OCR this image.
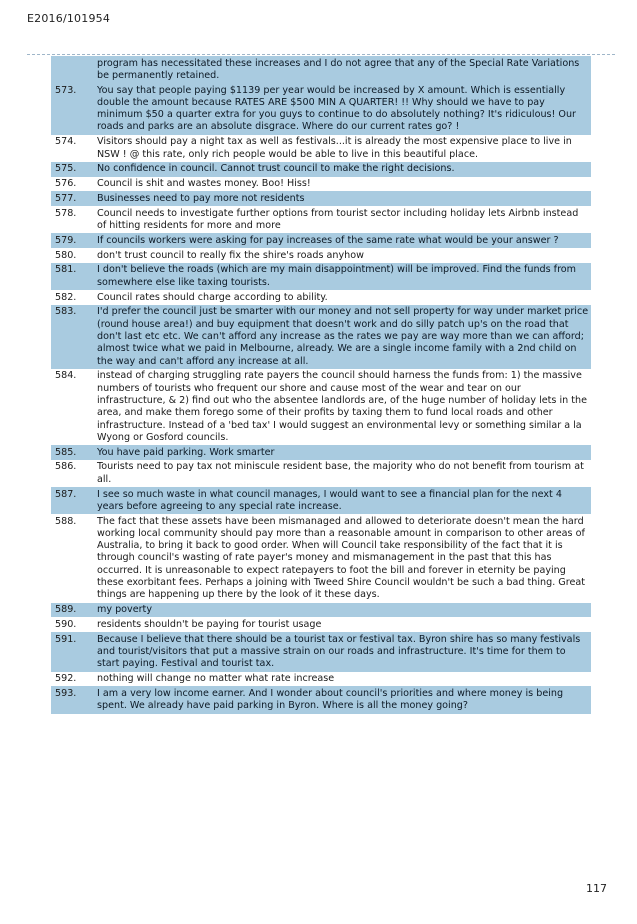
E2016/101954
program has necessitated these increases and I do not agree that any of the Special Rate Variations be permanently retained.
573.	You say that people paying $1139 per year would be increased by X amount. Which is essentially double the amount because RATES ARE $500 MIN A QUARTER! !! Why should we have to pay minimum $50 a quarter extra for you guys to continue to do absolutely nothing? It's ridiculous! Our roads and parks are an absolute disgrace. Where do our current rates go? !
574.	Visitors should pay a night tax as well as festivals...it is already the most expensive place to live in NSW ! @ this rate, only rich people would be able to live in this beautiful place.
575.	No confidence in council. Cannot trust council to make the right decisions.
576.	Council is shit and wastes money. Boo! Hiss!
577.	Businesses need to pay more not residents
578.	Council needs to investigate further options from tourist sector including holiday lets Airbnb instead of hitting residents for more and more
579.	If councils workers were asking for pay increases of the same rate what would be your answer ?
580.	don't trust council to really fix the shire's roads anyhow
581.	I don't believe the roads (which are my main disappointment) will be improved. Find the funds from somewhere else like taxing tourists.
582.	Council rates should charge according to ability.
583.	I'd prefer the council just be smarter with our money and not sell property for way under market price (round house area!) and buy equipment that doesn't work and do silly patch up's on the road that don't last etc etc. We can't afford any increase as the rates we pay are way more than we can afford; almost twice what we paid in Melbourne, already. We are a single income family with a 2nd child on the way and can't afford any increase at all.
584.	instead of charging struggling rate payers the council should harness the funds from: 1) the massive numbers of tourists who frequent our shore and cause most of the wear and tear on our infrastructure, & 2) find out who the absentee landlords are, of the huge number of holiday lets in the area, and make them forego some of their profits by taxing them to fund local roads and other infrastructure. Instead of a 'bed tax' I would suggest an environmental levy or something similar a la Wyong or Gosford councils.
585.	You have paid parking. Work smarter
586.	Tourists need to pay tax not miniscule resident base, the majority who do not benefit from tourism at all.
587.	I see so much waste in what council manages, I would want to see a financial plan for the next 4 years before agreeing to any special rate increase.
588.	The fact that these assets have been mismanaged and allowed to deteriorate doesn't mean the hard working local community should pay more than a reasonable amount in comparison to other areas of Australia, to bring it back to good order. When will Council take responsibility of the fact that it is through council's wasting of rate payer's money and mismanagement in the past that this has occurred. It is unreasonable to expect ratepayers to foot the bill and forever in eternity be paying these exorbitant fees. Perhaps a joining with Tweed Shire Council wouldn't be such a bad thing. Great things are happening up there by the look of it these days.
589.	my poverty
590.	residents shouldn't be paying for tourist usage
591.	Because I believe that there should be a tourist tax or festival tax. Byron shire has so many festivals and tourist/visitors that put a massive strain on our roads and infrastructure. It's time for them to start paying. Festival and tourist tax.
592.	nothing will change no matter what rate increase
593.	I am a very low income earner. And I wonder about council's priorities and where money is being spent. We already have paid parking in Byron. Where is all the money going?
117
